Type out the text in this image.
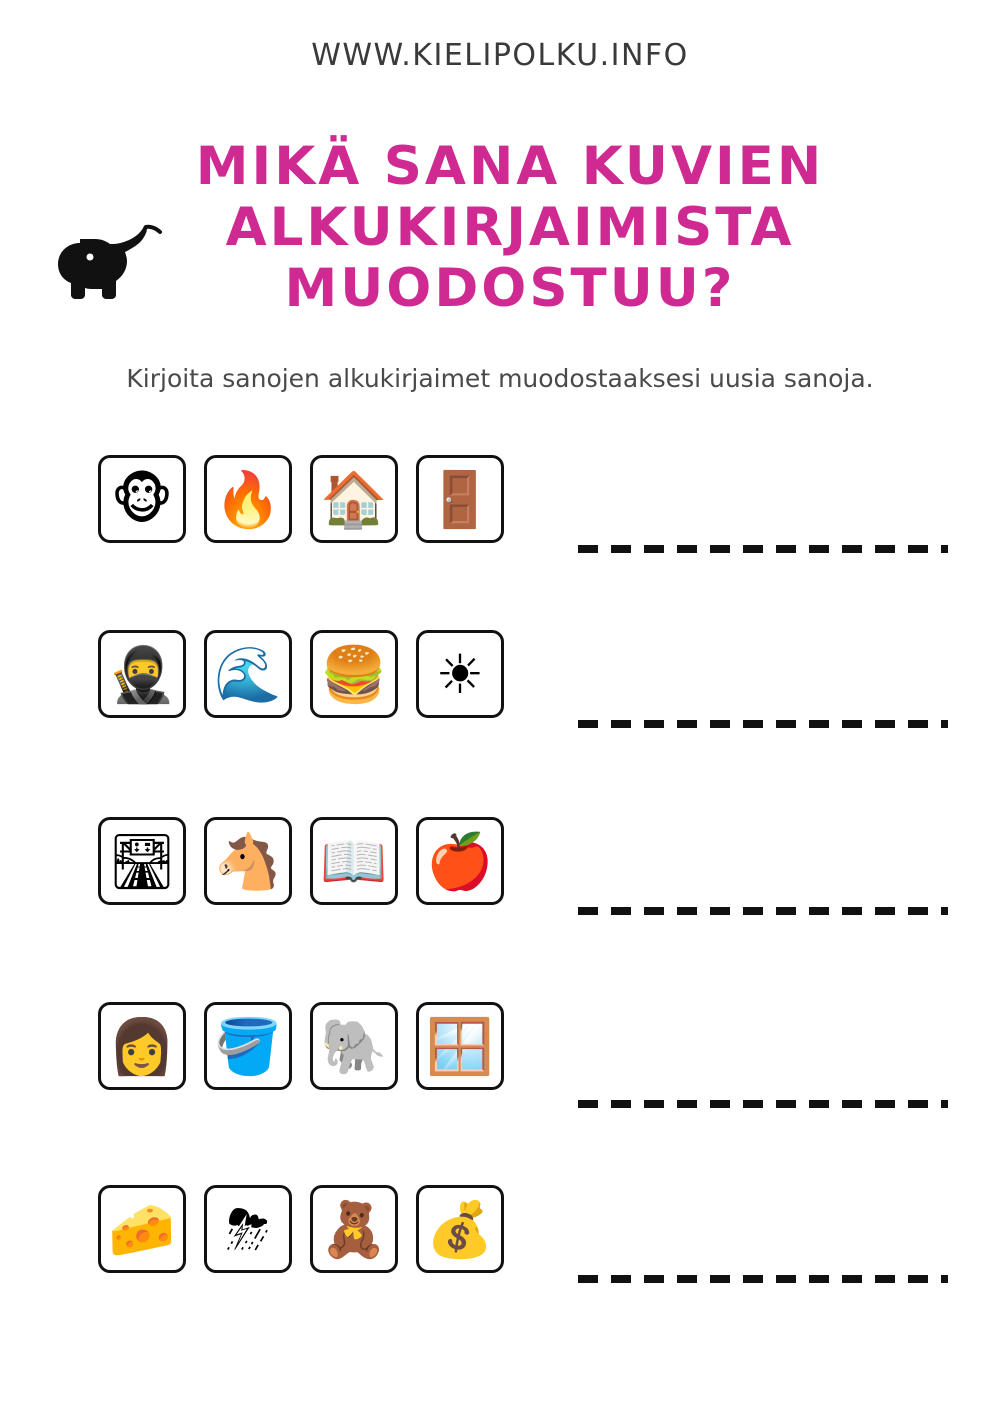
WWW.KIELIPOLKU.INFO
MIKÄ SANA KUVIEN ALKUKIRJAIMISTA MUODOSTUU?

Kirjoita sanojen alkukirjaimet muodostaaksesi uusia sanoja.

🐵 🔥 🏠 🚪
🥷 🌊 🍔 ☀
🛣 🐴 📖 🍎
👩 🪣 🐘 🪟
🧀 ⛈ 🧸 💰
